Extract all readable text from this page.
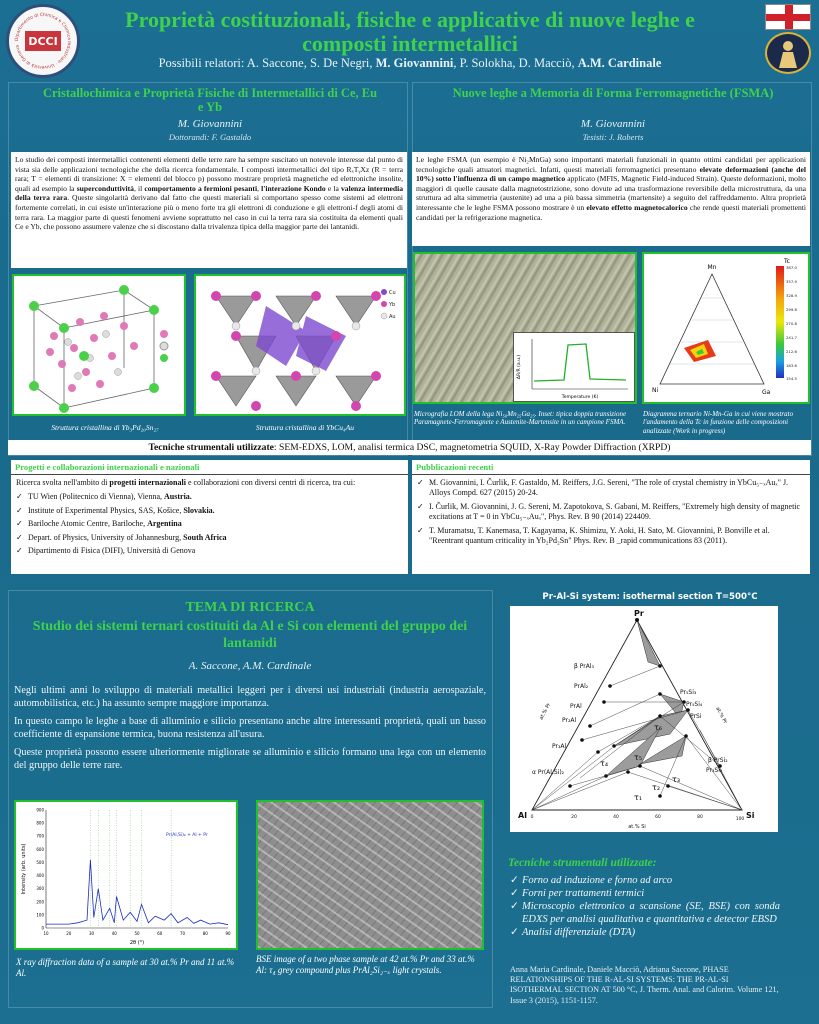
Dipartimento di Chimica e Chimica Industriale · Università di Genova DCCI
Proprietà costituzionali, fisiche e applicative di nuove leghe e composti intermetallici
Possibili relatori: A. Saccone, S. De Negri, M. Giovannini, P. Solokha, D. Macciò, A.M. Cardinale
Cristallochimica e Proprietà Fisiche di Intermetallici di Ce, Eu e Yb
M. Giovannini
Dottorandi: F. Gastaldo
Lo studio dei composti intermetallici contenenti elementi delle terre rare ha sempre suscitato un notevole interesse dal punto di vista sia delle applicazioni tecnologiche che della ricerca fondamentale. I composti intermetallici del tipo RₓTᵧXz (R = terra rara; T = elementi di transizione: X = elementi del blocco p) possono mostrare proprietà magnetiche ed elettroniche insolite, quali ad esempio la superconduttività, il comportamento a fermioni pesanti, l'interazione Kondo e la valenza intermedia della terra rara. Queste singolarità derivano dal fatto che questi materiali si comportano spesso come sistemi ad elettroni fortemente correlati, in cui esiste un'interazione più o meno forte tra gli elettroni di conduzione e gli elettroni-f degli atomi di terra rara. La maggior parte di questi fenomeni avviene soprattutto nel caso in cui la terra rara sia costituita da elementi quali Ce e Yb, che possono assumere valenze che si discostano dalla trivalenza tipica della maggior parte dei lantanidi.
Cu
Yb
Au
Struttura cristallina di Yb₃Pd₂₀Sn₂₇	Struttura cristallina di YbCu₄Au
Nuove leghe a Memoria di Forma Ferromagnetiche (FSMA)
M. Giovannini
Tesisti: J. Roberts
Le leghe FSMA (un esempio è Ni₂MnGa) sono importanti materiali funzionali in quanto ottimi candidati per applicazioni tecnologiche quali attuatori magnetici. Infatti, questi materiali ferromagnetici presentano elevate deformazioni (anche del 10%) sotto l'influenza di un campo magnetico applicato (MFIS, Magnetic Field-induced Strain). Queste deformazioni, molto maggiori di quelle causate dalla magnetostrizione, sono dovute ad una trasformazione reversibile della microstruttura, da una struttura ad alta simmetria (austenite) ad una a più bassa simmetria (martensite) a seguito del raffreddamento. Altra proprietà interessante che le leghe FSMA possono mostrare è un elevato effetto magnetocalorico che rende questi materiali promettenti candidati per la refrigerazione magnetica.
Temperature (K)
ΔR/R (a.u.)
Mn
Ni	Ga
Tc
387.0
357.9
328.9
299.8
270.8
241.7
212.6
183.6
154.5
Micrografia LOM della lega Ni₅₀Mn₂₅Ga₂₅. Inset: tipica doppia transizione Paramagnete-Ferromagnete e Austenite-Martensite in un campione FSMA.
Diagramma ternario Ni-Mn-Ga in cui viene mostrato l'andamento della Tc in funzione delle composizioni analizzate (Work in progress)
Tecniche strumentali utilizzate: SEM-EDXS, LOM, analisi termica DSC, magnetometria SQUID, X-Ray Powder Diffraction (XRPD)
Progetti e collaborazioni internazionali e nazionali
Ricerca svolta nell'ambito di progetti internazionali e collaborazioni con diversi centri di ricerca, tra cui:
✓ TU Wien (Politecnico di Vienna), Vienna, Austria.
✓ Institute of Experimental Physics, SAS, Košice, Slovakia.
✓ Bariloche Atomic Centre, Bariloche, Argentina
✓ Depart. of Physics, University of Johannesburg, South Africa
✓ Dipartimento di Fisica (DIFI), Università di Genova
Pubblicazioni recenti
✓ M. Giovannini, I. Čurlik, F. Gastaldo, M. Reiffers, J.G. Sereni, "The role of crystal chemistry in YbCu₅₋ₓAuₓ" J. Alloys Compd. 627 (2015) 20-24.
✓ I. Čurlik, M. Giovannini, J. G. Sereni, M. Zapotokova, S. Gabani, M. Reiffers, "Extremely high density of magnetic excitations at T = 0 in YbCu₅₋ₓAuₓ", Phys. Rev. B 90 (2014) 224409.
✓ T. Muramatsu, T. Kanemasa, T. Kagayama, K. Shimizu, Y. Aoki, H. Sato, M. Giovannini, P. Bonville et al. "Reentrant quantum criticality in Yb₂Pd₂Sn" Phys. Rev. B _rapid communications 83 (2011).
TEMA DI RICERCA
Studio dei sistemi ternari costituiti da Al e Si con elementi del gruppo dei lantanidi
A. Saccone, A.M. Cardinale

Negli ultimi anni lo sviluppo di materiali metallici leggeri per i diversi usi industriali (industria aerospaziale, automobilistica, etc.) ha assunto sempre maggiore importanza.

In questo campo le leghe a base di alluminio e silicio presentano anche altre interessanti proprietà, quali un basso coefficiente di espansione termica, buona resistenza all'usura.

Queste proprietà possono essere ulteriormente migliorate se alluminio e silicio formano una lega con un elemento del gruppo delle terre rare.

10	20	30	40	50	60	70	80	90
0
100
200
300
400
500
600
700
800
900
2θ (°)
Intensity (arb. units)
Pr(Al,Si)₂ + Al + Pr
X ray diffraction data of a sample at 30 at.% Pr and 11 at.% Al.
BSE image of a two phase sample at 42 at.% Pr and 33 at.% Al: τ₄ grey compound plus PrAl₂Si₂₋ₓ light crystals.
Pr-Al-Si system: isothermal section T=500°C
Pr
Al	Si
β PrAl₃
PrAl₂
PrAl
Pr₂Al
Pr₃Al
Pr₅Si₃
Pr₅Si₄
PrSi
β PrSi₂
Pr₃Si₂
τ₁
τ₂
τ₃
τ₄
τ₅
τ₆
α Pr(Al,Si)₂
at.% Pr	at.% Pr
at.% Si
0	20	40	60	80	100
Tecniche strumentali utilizzate:
✓ Forno ad induzione e forno ad arco
✓ Forni per trattamenti termici
✓ Microscopio elettronico a scansione (SE, BSE) con sonda EDXS per analisi qualitativa e quantitativa e detector EBSD
✓ Analisi differenziale (DTA)
Anna Maria Cardinale, Daniele Macciò, Adriana Saccone, PHASE RELATIONSHIPS OF THE R-AL-SI SYSTEMS: THE PR-AL-SI ISOTHERMAL SECTION AT 500 °C, J. Therm. Anal. and Calorim. Volume 121, Issue 3 (2015), 1151-1157.
